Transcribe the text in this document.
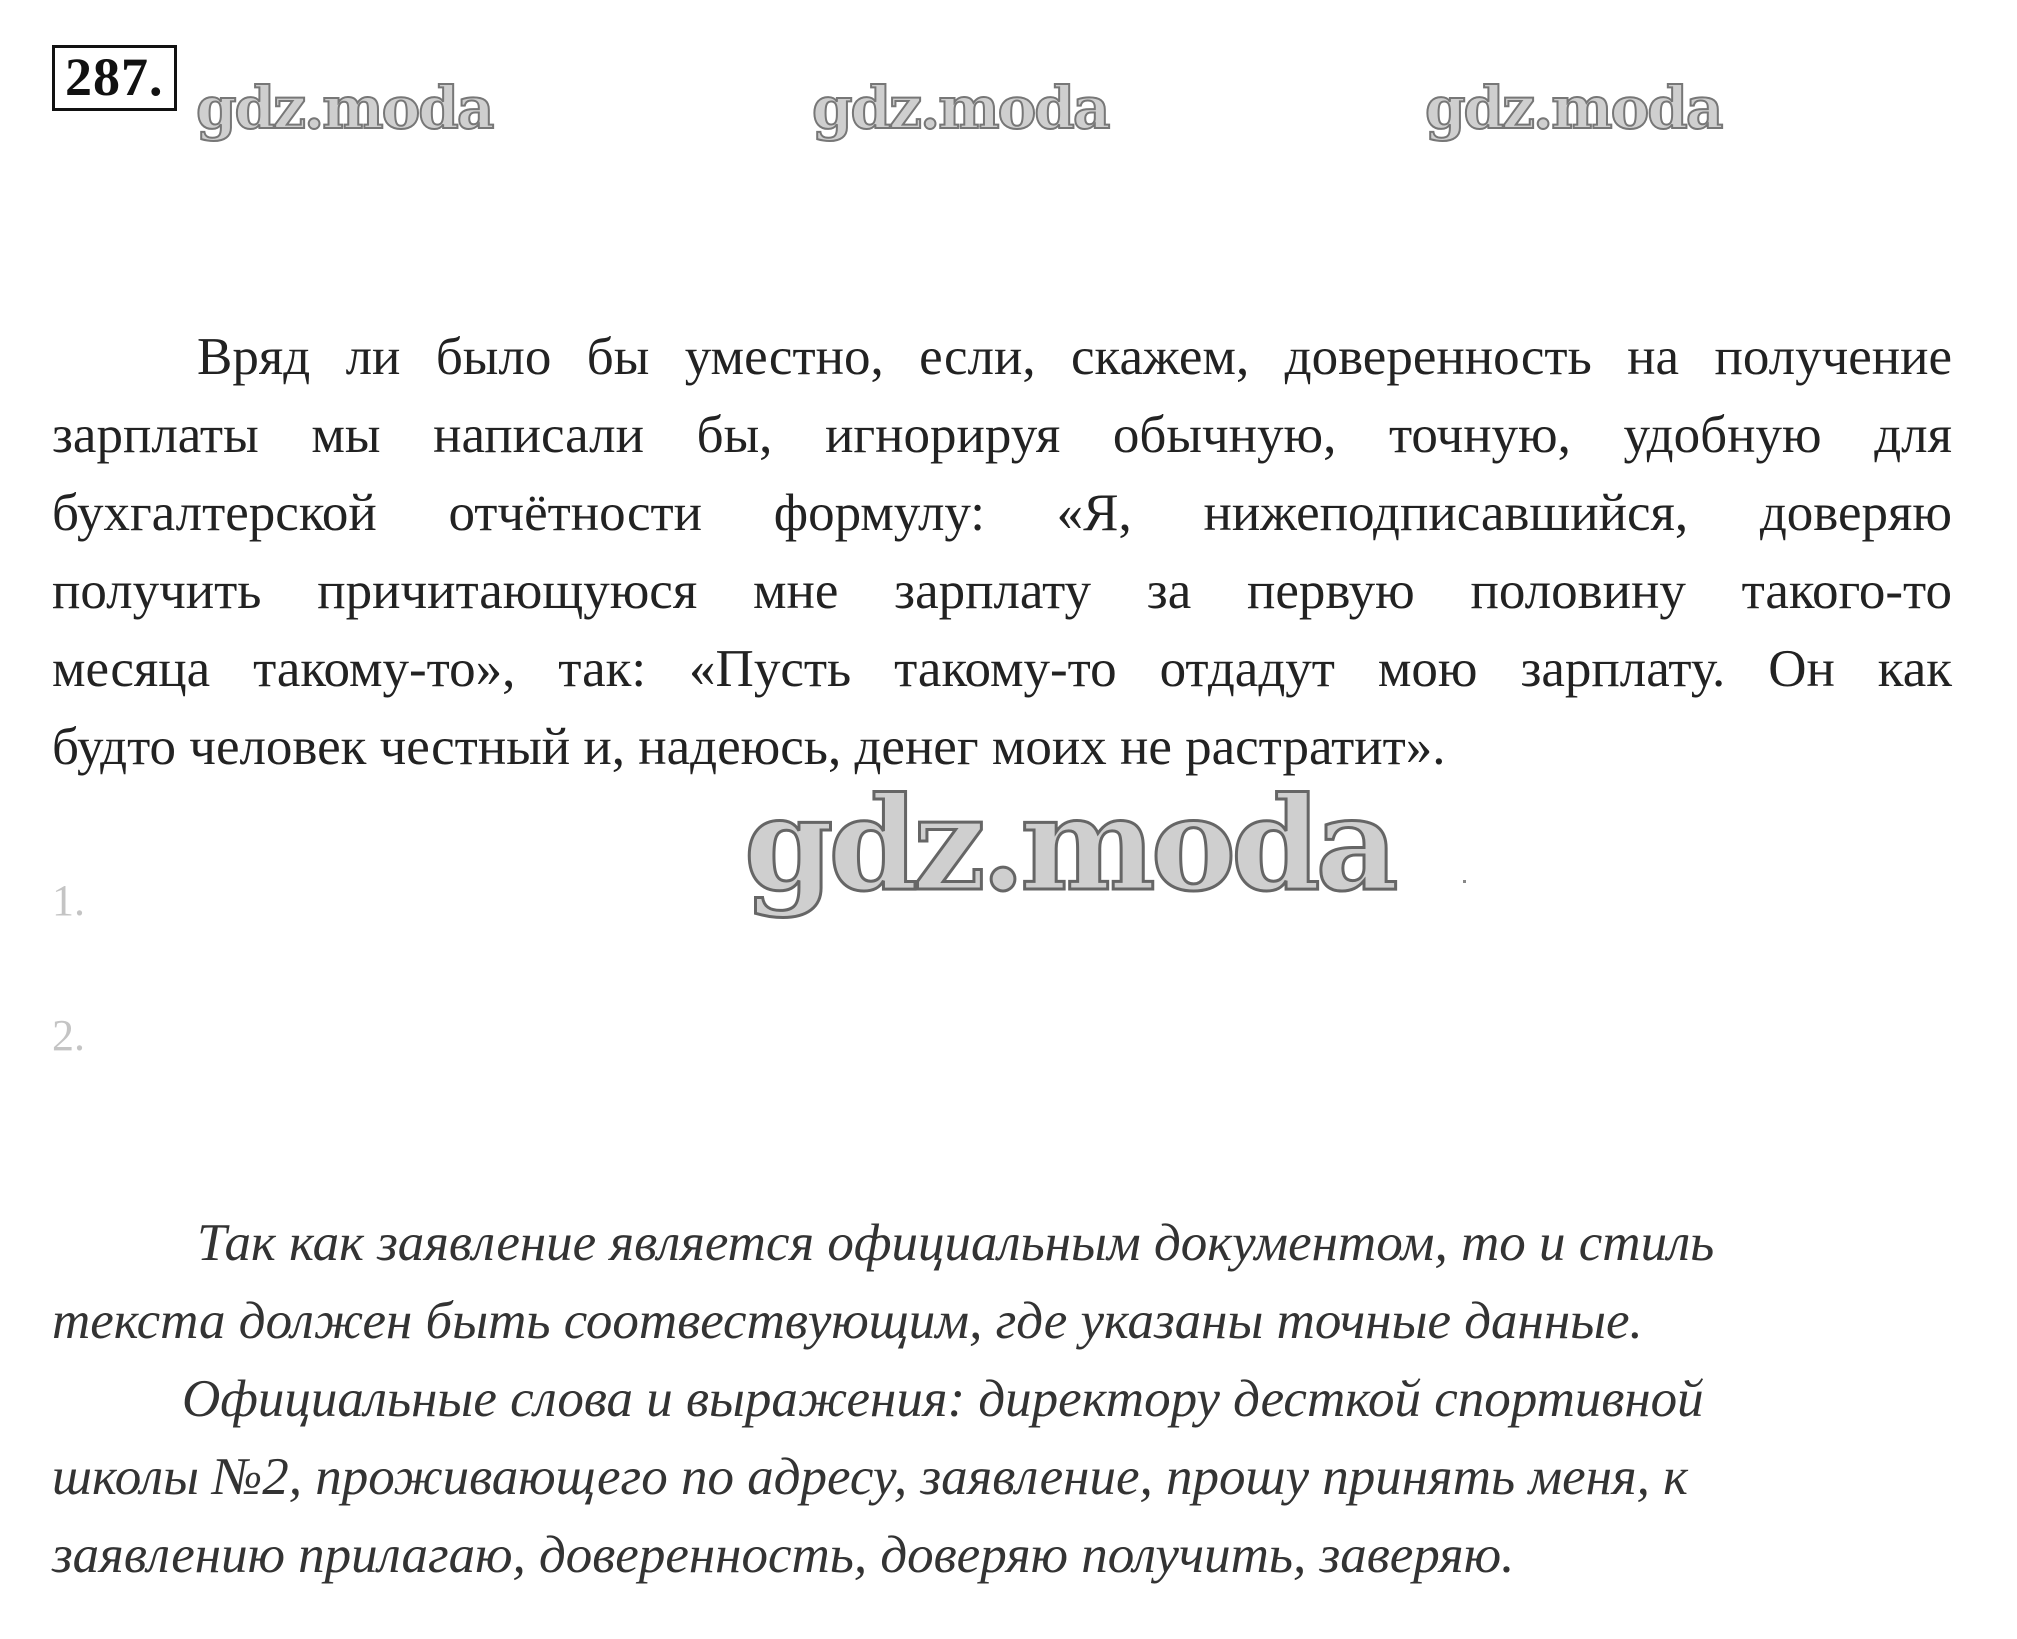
287. gdz.moda	gdz.moda	gdz.moda
Вряд ли было бы уместно, если, скажем, доверенность на получение
зарплаты мы написали бы, игнорируя обычную, точную, удобную для
бухгалтерской отчётности формулу: «Я, нижеподписавшийся, доверяю
получить причитающуюся мне зарплату за первую половину такого-то
месяца такому-то», так: «Пусть такому-то отдадут мою зарплату. Он как
будто человек честный и, надеюсь, денег моих не растратит».
gdz.moda
1.
2.
Так как заявление является официальным документом, то и стиль
текста должен быть соотвествующим, где указаны точные данные.
Официальные слова и выражения: директору десткой спортивной
школы №2, проживающего по адресу, заявление, прошу принять меня, к
заявлению прилагаю, доверенность, доверяю получить, заверяю.
